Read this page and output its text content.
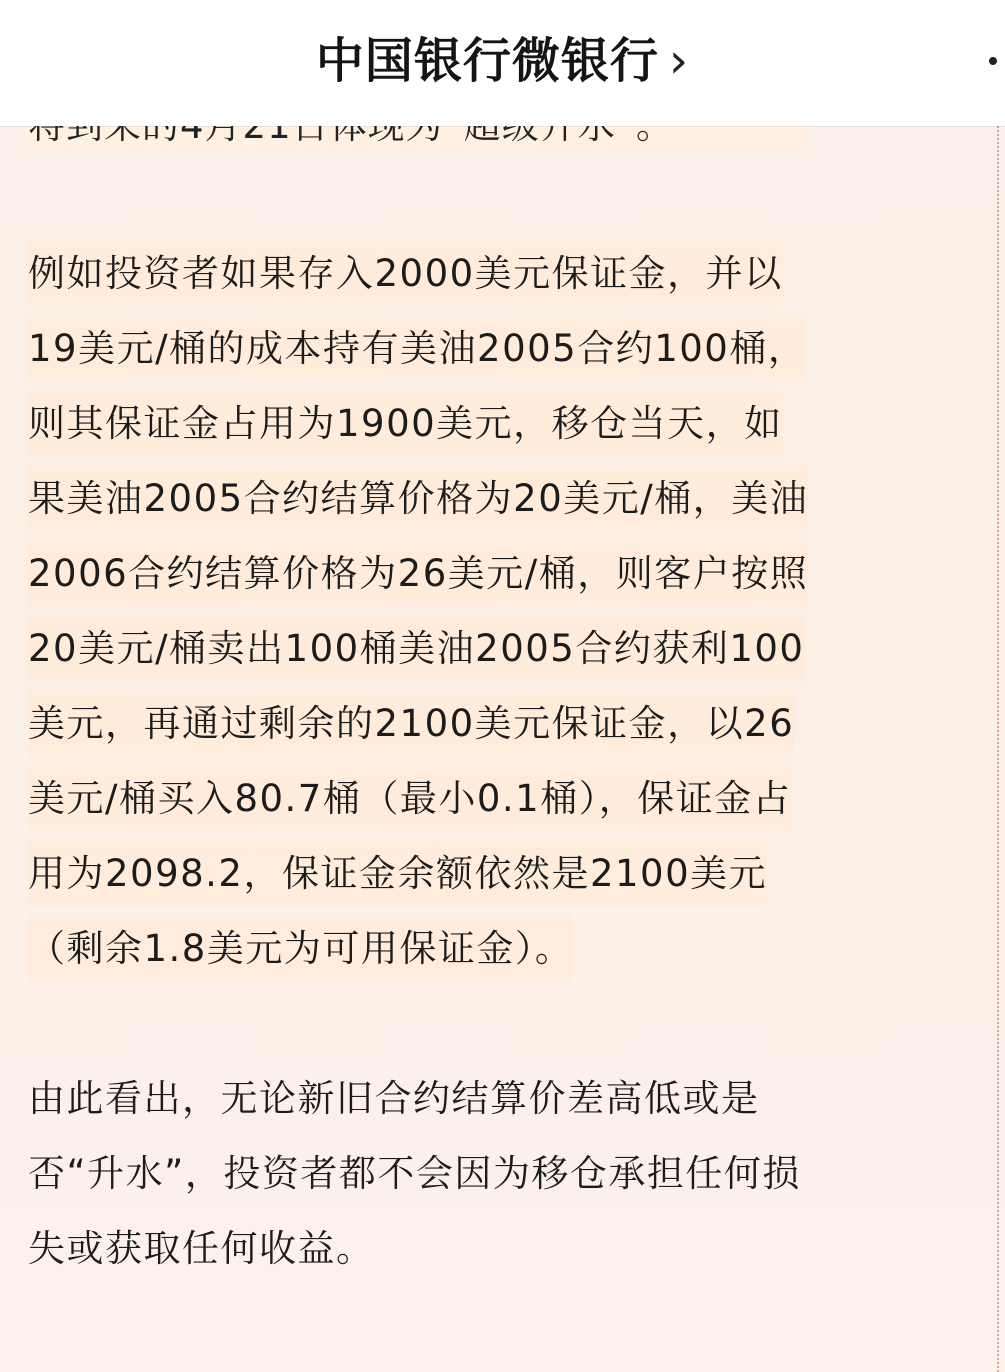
中国银行微银行 ›
例如投资者如果存入2000美元保证金，并以
19美元/桶的成本持有美油2005合约100桶，
则其保证金占用为1900美元，移仓当天，如
果美油2005合约结算价格为20美元/桶，美油
2006合约结算价格为26美元/桶，则客户按照
20美元/桶卖出100桶美油2005合约获利100
美元，再通过剩余的2100美元保证金，以26
美元/桶买入80.7桶（最小0.1桶），保证金占
用为2098.2，保证金余额依然是2100美元
（剩余1.8美元为可用保证金）。
由此看出，无论新旧合约结算价差高低或是
否“升水”，投资者都不会因为移仓承担任何损
失或获取任何收益。
